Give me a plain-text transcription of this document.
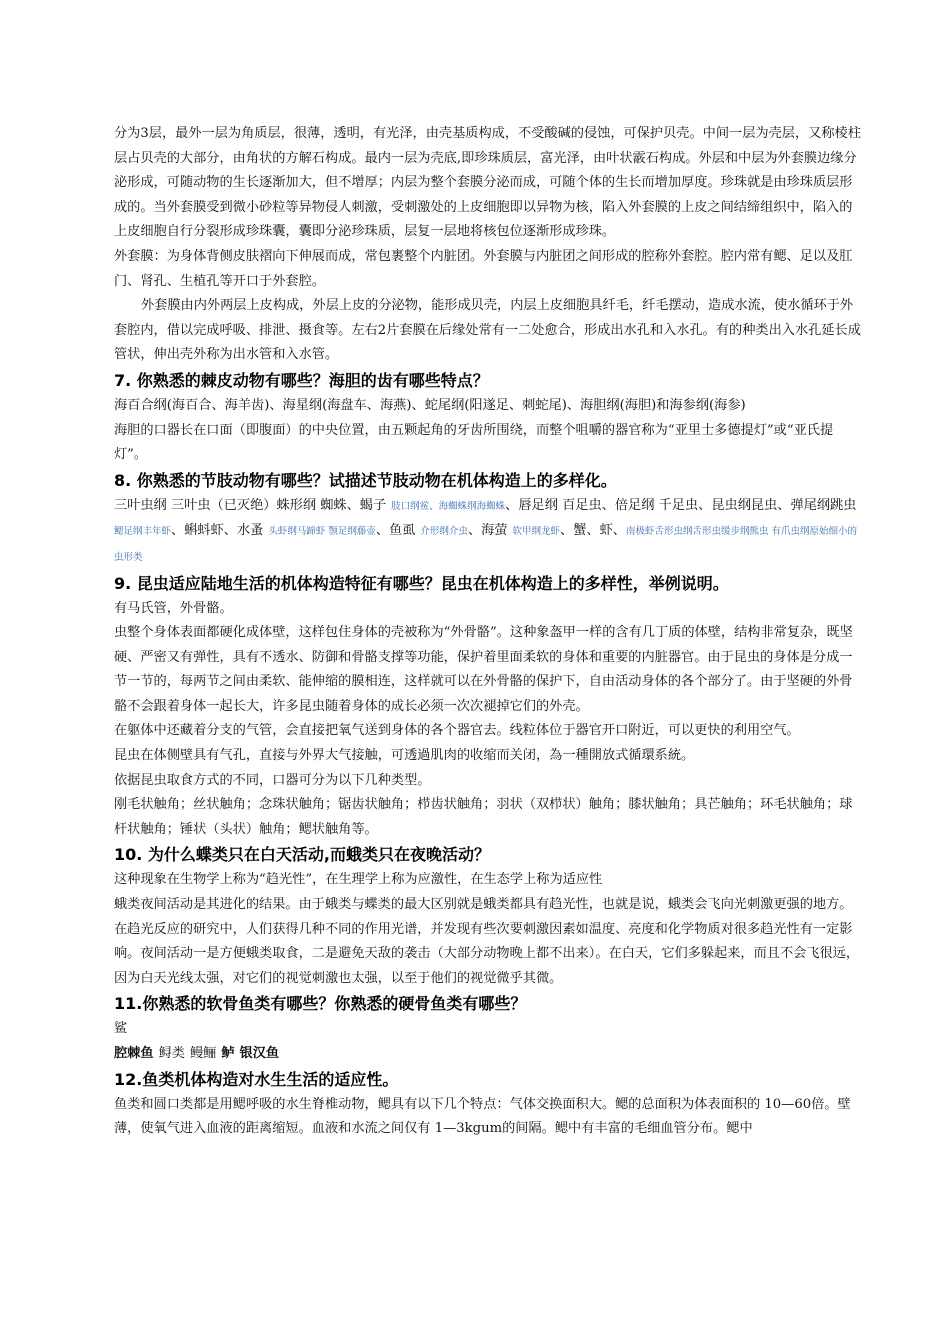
分为3层，最外一层为角质层，很薄，透明，有光泽，由壳基质构成，不受酸碱的侵蚀，可保护贝壳。中间一层为壳层，又称棱柱层占贝壳的大部分，由角状的方解石构成。最内一层为壳底,即珍珠质层，富光泽，由叶状霰石构成。外层和中层为外套膜边缘分泌形成，可随动物的生长逐渐加大，但不增厚；内层为整个套膜分泌而成，可随个体的生长而增加厚度。珍珠就是由珍珠质层形成的。当外套膜受到微小砂粒等异物侵人刺激，受刺激处的上皮细胞即以异物为核，陷入外套膜的上皮之间结缔组织中，陷入的上皮细胞自行分裂形成珍珠囊，囊即分泌珍珠质，层复一层地将核包位逐渐形成珍珠。

外套膜：为身体背侧皮肤褶向下伸展而成，常包裹整个内脏团。外套膜与内脏团之间形成的腔称外套腔。腔内常有鳃、足以及肛门、肾孔、生植孔等开口于外套腔。

外套膜由内外两层上皮构成，外层上皮的分泌物，能形成贝壳，内层上皮细胞具纤毛，纤毛摆动，造成水流，使水循环于外套腔内，借以完成呼吸、排泄、摄食等。左右2片套膜在后缘处常有一二处愈合，形成出水孔和入水孔。有的种类出入水孔延长成管状，伸出壳外称为出水管和入水管。

7. 你熟悉的棘皮动物有哪些？海胆的齿有哪些特点？

海百合纲(海百合、海羊齿)、海星纲(海盘车、海燕)、蛇尾纲(阳遂足、刺蛇尾)、海胆纲(海胆)和海参纲(海参)

海胆的口器长在口面（即腹面）的中央位置，由五颗起角的牙齿所围绕，而整个咀嚼的器官称为“亚里士多德提灯”或“亚氏提灯”。

8. 你熟悉的节肢动物有哪些？试描述节肢动物在机体构造上的多样化。

三叶虫纲 三叶虫（已灭绝）蛛形纲 蜘蛛、蝎子 肢口纲鲎、海蜘蛛纲海蜘蛛、唇足纲 百足虫、倍足纲 千足虫、昆虫纲昆虫、弹尾纲跳虫

鳃足纲丰年虾、蝌蚪虾、水蚤 头虾纲马蹄虾 颚足纲藤壶、鱼虱 介形纲介虫、海萤 软甲纲龙虾、蟹、虾、南极虾舌形虫纲舌形虫缓步纲熊虫 有爪虫纲原始细小的虫形类

9. 昆虫适应陆地生活的机体构造特征有哪些？昆虫在机体构造上的多样性，举例说明。

有马氏管，外骨骼。

虫整个身体表面都硬化成体壁，这样包住身体的壳被称为“外骨骼”。这种象盔甲一样的含有几丁质的体壁，结构非常复杂，既坚硬、严密又有弹性，具有不透水、防御和骨骼支撑等功能，保护着里面柔软的身体和重要的内脏器官。由于昆虫的身体是分成一节一节的，每两节之间由柔软、能伸缩的膜相连，这样就可以在外骨骼的保护下，自由活动身体的各个部分了。由于坚硬的外骨骼不会跟着身体一起长大，许多昆虫随着身体的成长必须一次次褪掉它们的外壳。

在躯体中还藏着分支的气管，会直接把氧气送到身体的各个器官去。线粒体位于器官开口附近，可以更快的利用空气。

昆虫在体侧壁具有气孔，直接与外界大气接触，可透過肌肉的收缩而关闭，為一種開放式循環系統。

依据昆虫取食方式的不同，口器可分为以下几种类型。

刚毛状触角；丝状触角；念珠状触角；锯齿状触角；栉齿状触角；羽状（双栉状）触角；膝状触角；具芒触角；环毛状触角；球杆状触角；锤状（头状）触角；鳃状触角等。

10. 为什么蝶类只在白天活动,而蛾类只在夜晚活动？

这种现象在生物学上称为“趋光性”，在生理学上称为应激性，在生态学上称为适应性

蛾类夜间活动是其进化的结果。由于蛾类与蝶类的最大区别就是蛾类都具有趋光性，也就是说，蛾类会飞向光刺激更强的地方。在趋光反应的研究中，人们获得几种不同的作用光谱，并发现有些次要刺激因素如温度、亮度和化学物质对很多趋光性有一定影响。夜间活动一是方便蛾类取食，二是避免天敌的袭击（大部分动物晚上都不出来）。在白天，它们多躲起来，而且不会飞很远，因为白天光线太强，对它们的视觉刺激也太强，以至于他们的视觉微乎其微。

11.你熟悉的软骨鱼类有哪些？你熟悉的硬骨鱼类有哪些？

鲨

腔棘鱼 鲟类 鳗鲡 鲈 银汉鱼

12.鱼类机体构造对水生生活的适应性。

鱼类和圆口类都是用鳃呼吸的水生脊椎动物，鳃具有以下几个特点：气体交换面积大。鳃的总面积为体表面积的 10—60倍。壁薄，使氧气进入血液的距离缩短。血液和水流之间仅有 1—3kgum的间隔。鳃中有丰富的毛细血管分布。鳃中
